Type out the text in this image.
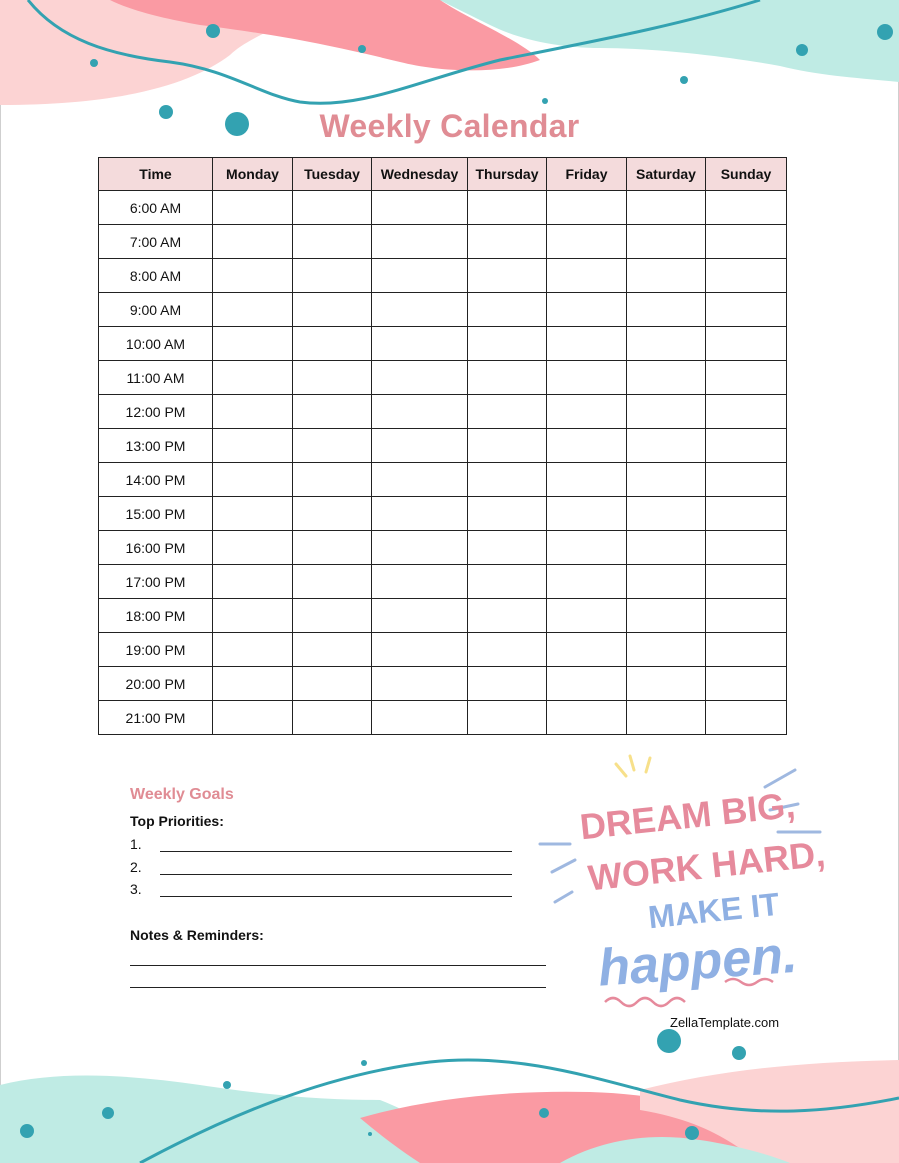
Weekly Calendar
Time	Monday	Tuesday	Wednesday	Thursday	Friday	Saturday	Sunday
6:00 AM							
7:00 AM							
8:00 AM							
9:00 AM							
10:00 AM							
11:00 AM							
12:00 PM							
13:00 PM							
14:00 PM							
15:00 PM							
16:00 PM							
17:00 PM							
18:00 PM							
19:00 PM							
20:00 PM							
21:00 PM							
Weekly Goals
Top Priorities:
1.
2.
3.
Notes & Reminders:
DREAM BIG,
WORK HARD,
MAKE IT
happen.
ZellaTemplate.com
